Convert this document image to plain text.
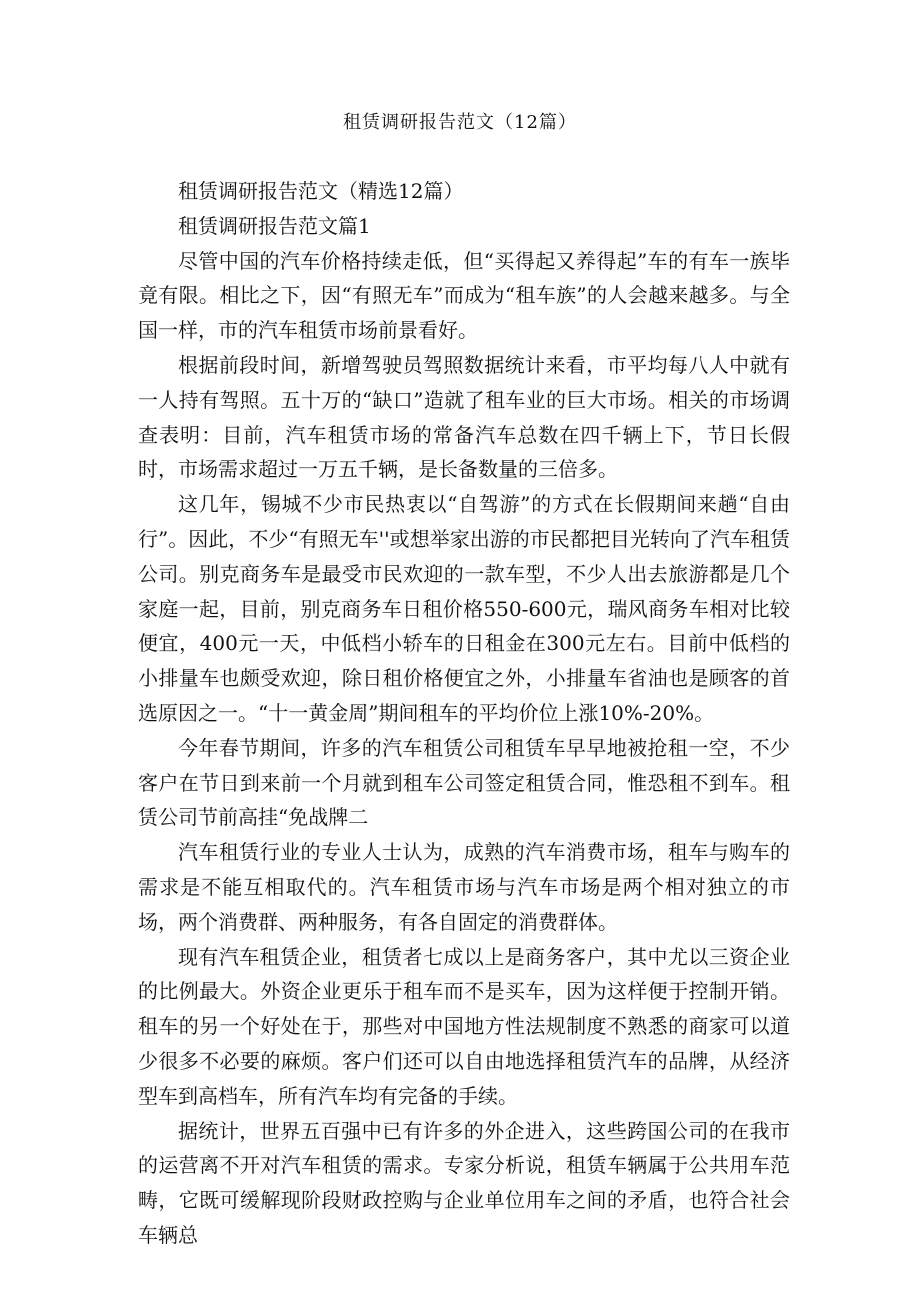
租赁调研报告范文（12篇）

租赁调研报告范文（精选12篇）

租赁调研报告范文篇1

尽管中国的汽车价格持续走低，但“买得起又养得起”车的有车一族毕竟有限。相比之下，因“有照无车”而成为“租车族”的人会越来越多。与全国一样，市的汽车租赁市场前景看好。

根据前段时间，新增驾驶员驾照数据统计来看，市平均每八人中就有一人持有驾照。五十万的“缺口”造就了租车业的巨大市场。相关的市场调查表明：目前，汽车租赁市场的常备汽车总数在四千辆上下，节日长假时，市场需求超过一万五千辆，是长备数量的三倍多。

这几年，锡城不少市民热衷以“自驾游”的方式在长假期间来趟“自由行”。因此，不少“有照无车''或想举家出游的市民都把目光转向了汽车租赁公司。别克商务车是最受市民欢迎的一款车型，不少人出去旅游都是几个家庭一起，目前，别克商务车日租价格550-600元，瑞风商务车相对比较便宜，400元一天，中低档小轿车的日租金在300元左右。目前中低档的小排量车也颇受欢迎，除日租价格便宜之外，小排量车省油也是顾客的首选原因之一。“十一黄金周”期间租车的平均价位上涨10%-20%。

今年春节期间，许多的汽车租赁公司租赁车早早地被抢租一空，不少客户在节日到来前一个月就到租车公司签定租赁合同，惟恐租不到车。租赁公司节前高挂“免战牌二

汽车租赁行业的专业人士认为，成熟的汽车消费市场，租车与购车的需求是不能互相取代的。汽车租赁市场与汽车市场是两个相对独立的市场，两个消费群、两种服务，有各自固定的消费群体。

现有汽车租赁企业，租赁者七成以上是商务客户，其中尤以三资企业的比例最大。外资企业更乐于租车而不是买车，因为这样便于控制开销。租车的另一个好处在于，那些对中国地方性法规制度不熟悉的商家可以道少很多不必要的麻烦。客户们还可以自由地选择租赁汽车的品牌，从经济型车到高档车，所有汽车均有完备的手续。

据统计，世界五百强中已有许多的外企进入，这些跨国公司的在我市的运营离不开对汽车租赁的需求。专家分析说，租赁车辆属于公共用车范畴，它既可缓解现阶段财政控购与企业单位用车之间的矛盾，也符合社会车辆总
